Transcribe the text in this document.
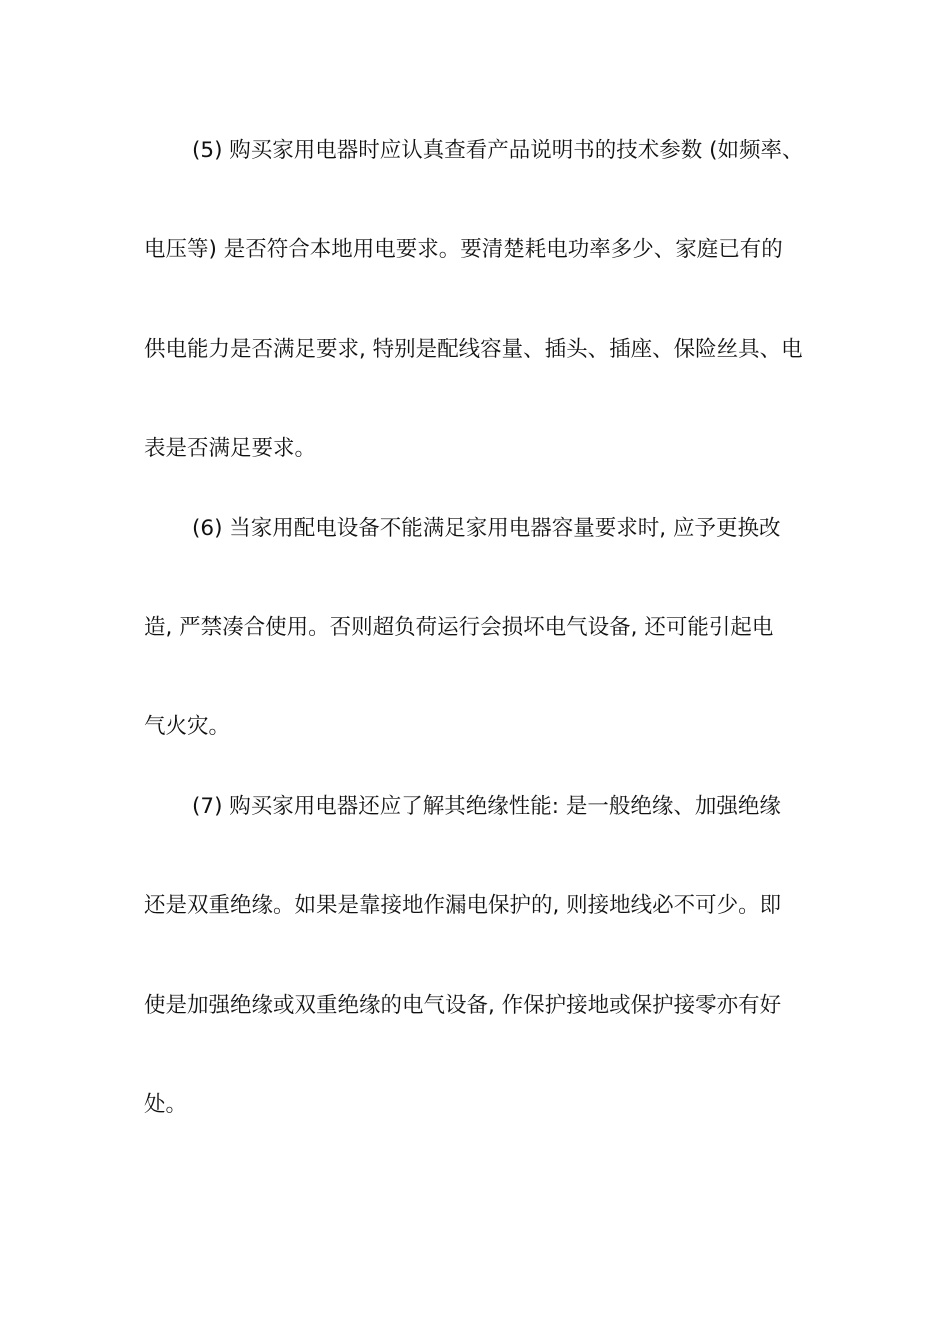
(5) 购买家用电器时应认真查看产品说明书的技术参数 (如频率、
电压等) 是否符合本地用电要求。要清楚耗电功率多少、家庭已有的
供电能力是否满足要求, 特别是配线容量、插头、插座、保险丝具、电
表是否满足要求。
(6) 当家用配电设备不能满足家用电器容量要求时, 应予更换改
造, 严禁凑合使用。否则超负荷运行会损坏电气设备, 还可能引起电
气火灾。
(7) 购买家用电器还应了解其绝缘性能: 是一般绝缘、加强绝缘
还是双重绝缘。如果是靠接地作漏电保护的, 则接地线必不可少。即
使是加强绝缘或双重绝缘的电气设备, 作保护接地或保护接零亦有好
处。
